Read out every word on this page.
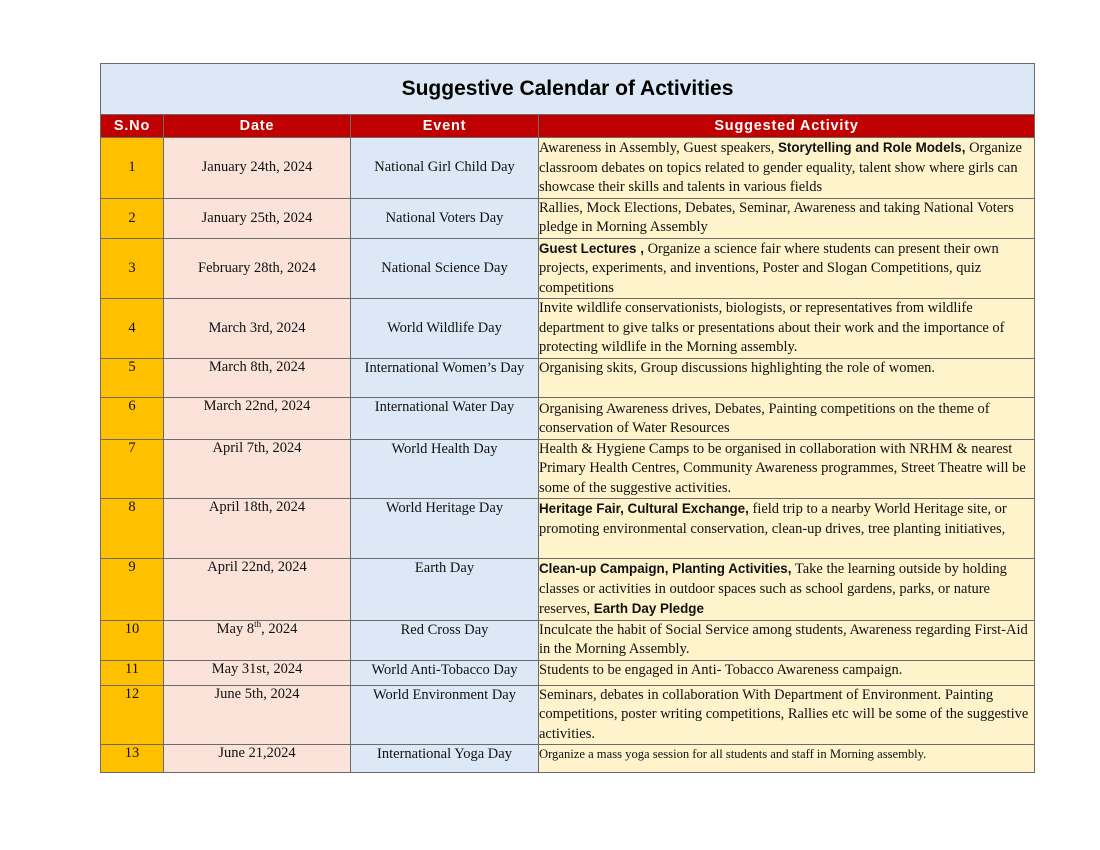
Suggestive Calendar of Activities			
S.No	Date	Event	Suggested Activity
1	January 24th, 2024	National Girl Child Day	Awareness in Assembly, Guest speakers, Storytelling and Role Models, Organize classroom debates on topics related to gender equality, talent show where girls can showcase their skills and talents in various fields
2	January 25th, 2024	National Voters Day	Rallies, Mock Elections, Debates, Seminar, Awareness and taking National Voters pledge in Morning Assembly
3	February 28th, 2024	National Science Day	Guest Lectures , Organize a science fair where students can present their own projects, experiments, and inventions, Poster and Slogan Competitions, quiz competitions
4	March 3rd, 2024	World Wildlife Day	Invite wildlife conservationists, biologists, or representatives from wildlife department to give talks or presentations about their work and the importance of protecting wildlife in the Morning assembly.
5	March 8th, 2024	International Women’s Day	Organising skits, Group discussions highlighting the role of women.
6	March 22nd, 2024	International Water Day	Organising Awareness drives, Debates, Painting competitions on the theme of conservation of Water Resources
7	April 7th, 2024	World Health Day	Health & Hygiene Camps to be organised in collaboration with NRHM & nearest Primary Health Centres, Community Awareness programmes, Street Theatre will be some of the suggestive activities.
8	April 18th, 2024	World Heritage Day	Heritage Fair, Cultural Exchange, field trip to a nearby World Heritage site, or promoting environmental conservation, clean-up drives, tree planting initiatives,
9	April 22nd, 2024	Earth Day	Clean-up Campaign, Planting Activities, Take the learning outside by holding classes or activities in outdoor spaces such as school gardens, parks, or nature reserves, Earth Day Pledge
10	May 8th, 2024	Red Cross Day	Inculcate the habit of Social Service among students, Awareness regarding First-Aid in the Morning Assembly.
11	May 31st, 2024	World Anti-Tobacco Day	Students to be engaged in Anti- Tobacco Awareness campaign.
12	June 5th, 2024	World Environment Day	Seminars, debates in collaboration With Department of Environment. Painting competitions, poster writing competitions, Rallies etc will be some of the suggestive activities.
13	June 21,2024	International Yoga Day	Organize a mass yoga session for all students and staff in Morning assembly.
